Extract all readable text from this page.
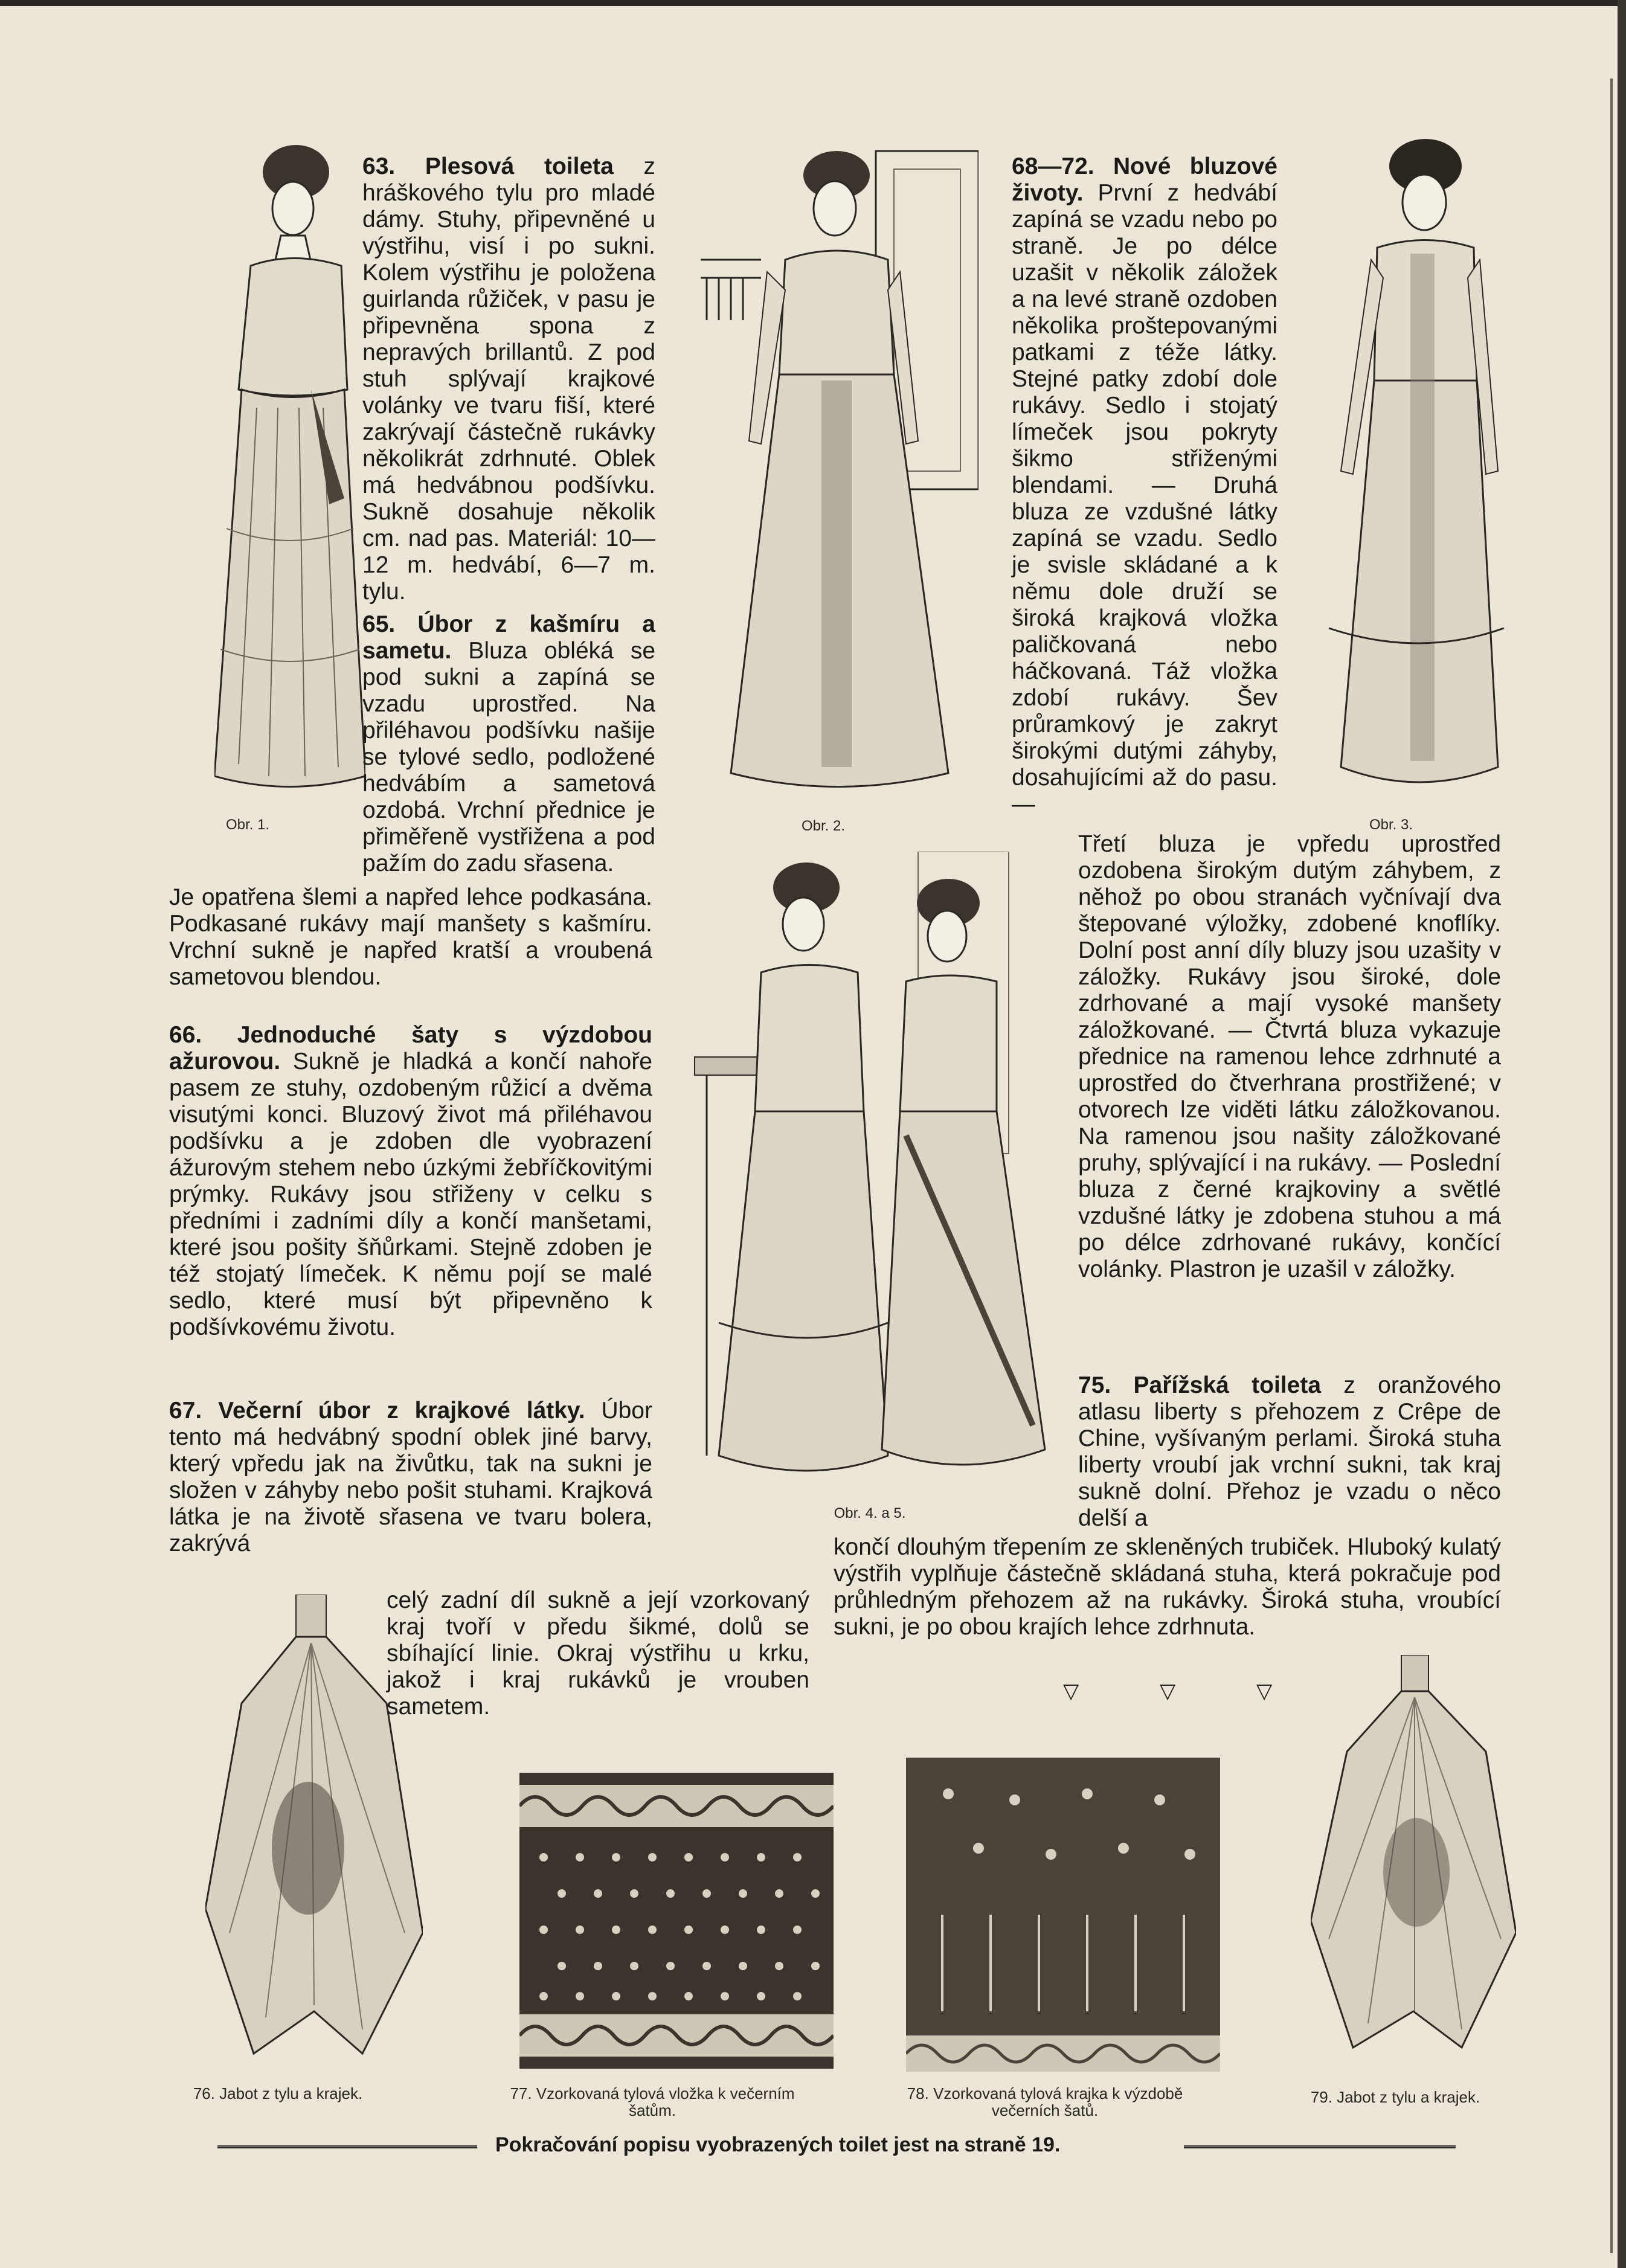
Obr. 1.	Obr. 2.	Obr. 3.
Obr. 4. a 5.
76. Jabot z tylu a krajek.	77. Vzorkovaná tylová vložka k večerním šatům.
78. Vzorkovaná tylová krajka k výzdobě večerních šatů.
79. Jabot z tylu a krajek.

63. Plesová toileta z hráškového tylu pro mladé dámy. Stuhy, připevněné u výstřihu, visí i po sukni. Kolem výstřihu je položena guirlanda růžiček, v pasu je připevněna spona z nepravých brillantů. Z pod stuh splývají krajkové volánky ve tvaru fiší, které zakrývají částečně rukávky několikrát zdrhnuté. Oblek má hedvábnou podšívku. Sukně dosahuje několik cm. nad pas. Materiál: 10—12 m. hedvábí, 6—7 m. tylu.

65. Úbor z kašmíru a sametu. Bluza obléká se pod sukni a zapíná se vzadu uprostřed. Na přiléhavou podšívku našije se tylové sedlo, podložené hedvábím a sametová ozdobá. Vrchní přednice je přiměřeně vystřižena a pod pažím do zadu sřasena.

Je opatřena šlemi a napřed lehce podkasána. Podkasané rukávy mají manšety s kašmíru. Vrchní sukně je napřed kratší a vroubená sametovou blendou.

66. Jednoduché šaty s výzdobou ažurovou. Sukně je hladká a končí nahoře pasem ze stuhy, ozdobeným růžicí a dvěma visutými konci. Bluzový život má přiléhavou podšívku a je zdoben dle vyobrazení ážurovým stehem nebo úzkými žebříčkovitými prýmky. Rukávy jsou střiženy v celku s předními i zadními díly a končí manšetami, které jsou pošity šňůrkami. Stejně zdoben je též stojatý límeček. K němu pojí se malé sedlo, které musí být připevněno k podšívkovému životu.

67. Večerní úbor z krajkové látky. Úbor tento má hedvábný spodní oblek jiné barvy, který vpředu jak na živůtku, tak na sukni je složen v záhyby nebo pošit stuhami. Krajková látka je na životě sřasena ve tvaru bolera, zakrývá

celý zadní díl sukně a její vzorkovaný kraj tvoří v předu šikmé, dolů se sbíhající linie. Okraj výstřihu u krku, jakož i kraj rukávků je vrouben sametem.

68—72. Nové bluzové životy. První z hedvábí zapíná se vzadu nebo po straně. Je po délce uzašit v několik záložek a na levé straně ozdoben několika proštepovanými patkami z téže látky. Stejné patky zdobí dole rukávy. Sedlo i stojatý límeček jsou pokryty šikmo střiženými blendami. — Druhá bluza ze vzdušné látky zapíná se vzadu. Sedlo je svisle skládané a k němu dole druží se široká krajková vložka paličkovaná nebo háčkovaná. Táž vložka zdobí rukávy. Šev průramkový je zakryt širokými dutými záhyby, dosahujícími až do pasu. —

Třetí bluza je vpředu uprostřed ozdobena širokým dutým záhybem, z něhož po obou stranách vyčnívají dva štepované výložky, zdobené knoflíky. Dolní post anní díly bluzy jsou uzašity v záložky. Rukávy jsou široké, dole zdrhované a mají vysoké manšety záložkované. — Čtvrtá bluza vykazuje přednice na ramenou lehce zdrhnuté a uprostřed do čtverhrana prostřižené; v otvorech lze viděti látku záložkovanou. Na ramenou jsou našity záložkované pruhy, splývající i na rukávy. — Poslední bluza z černé krajkoviny a světlé vzdušné látky je zdobena stuhou a má po délce zdrhované rukávy, končící volánky. Plastron je uzašil v záložky.

75. Pařížská toileta z oranžového atlasu liberty s přehozem z Crêpe de Chine, vyšívaným perlami. Široká stuha liberty vroubí jak vrchní sukni, tak kraj sukně dolní. Přehoz je vzadu o něco delší a

končí dlouhým třepením ze skleněných trubiček. Hluboký kulatý výstřih vyplňuje částečně skládaná stuha, která pokračuje pod průhledným přehozem až na rukávky. Široká stuha, vroubící sukni, je po obou krajích lehce zdrhnuta.

▽	▽	▽
Pokračování popisu vyobrazených toilet jest na straně 19.
